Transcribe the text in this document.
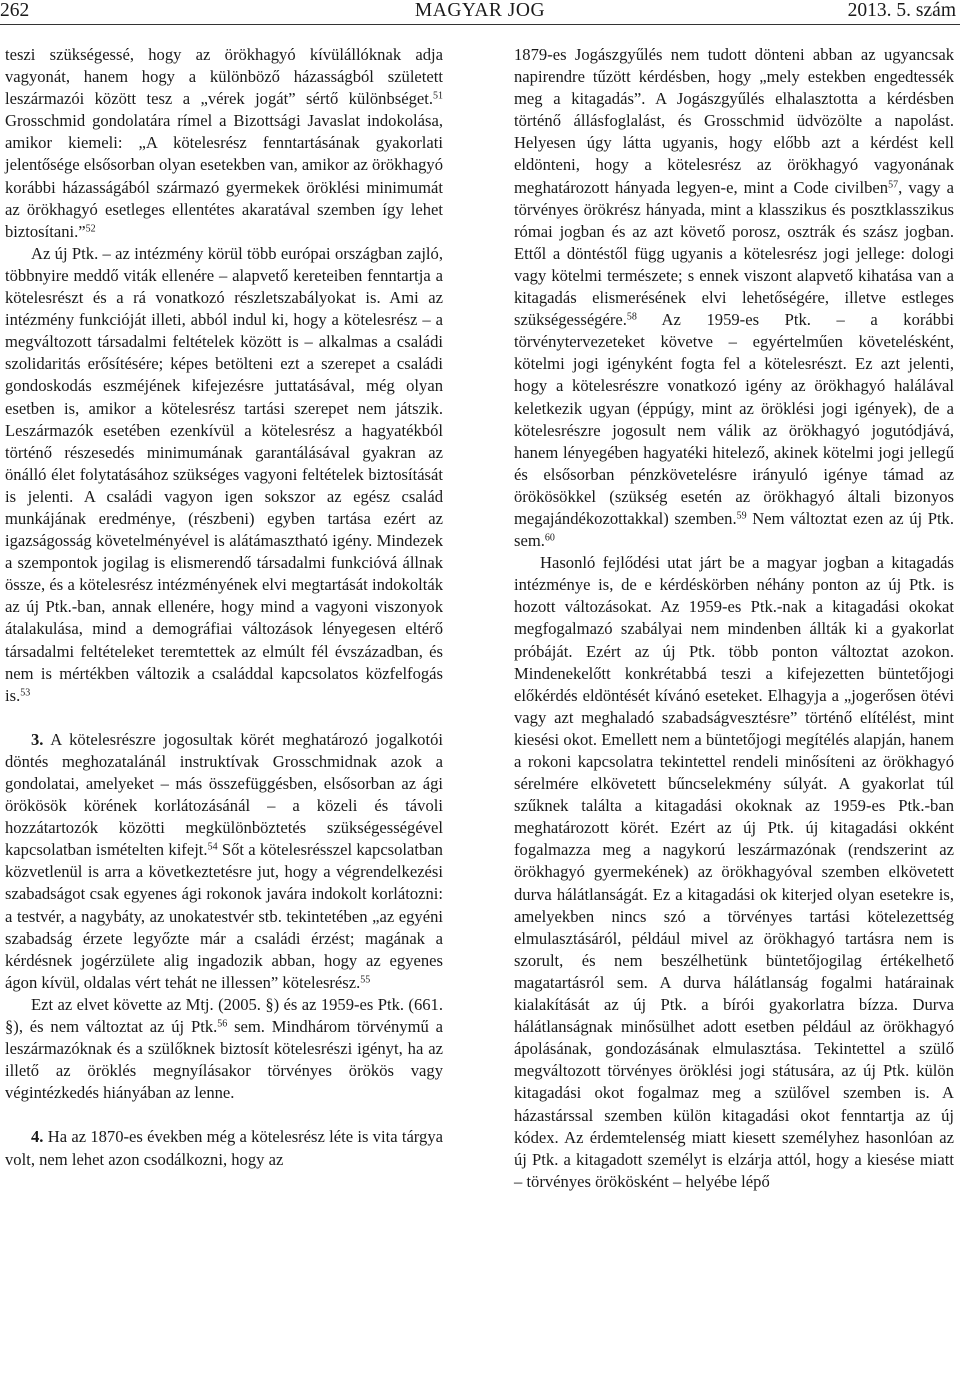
262	MAGYAR JOG	2013. 5. szám

teszi szükségessé, hogy az örökhagyó kívülállóknak adja vagyonát, hanem hogy a különböző házasságból született leszármazói között tesz a „vérek jogát” sértő különbséget.$^{51}$ Grosschmid gondolatára rímel a Bizottsági Javaslat indokolása, amikor kiemeli: „A kötelesrész fenntartásának gyakorlati jelentősége elsősorban olyan esetekben van, amikor az örökhagyó korábbi házasságából származó gyermekek öröklési minimumát az örökhagyó esetleges ellentétes akaratával szemben így lehet biztosítani.”$^{52}$

Az új Ptk. – az intézmény körül több európai országban zajló, többnyire meddő viták ellenére – alapvető kereteiben fenntartja a kötelesrészt és a rá vonatkozó részletszabályokat is. Ami az intézmény funkcióját illeti, abból indul ki, hogy a kötelesrész – a megváltozott társadalmi feltételek között is – alkalmas a családi szolidaritás erősítésére; képes betölteni ezt a szerepet a családi gondoskodás eszméjének kifejezésre juttatásával, még olyan esetben is, amikor a kötelesrész tartási szerepet nem játszik. Leszármazók esetében ezenkívül a kötelesrész a hagyatékból történő részesedés minimumának garantálásával gyakran az önálló élet folytatásához szükséges vagyoni feltételek biztosítását is jelenti. A családi vagyon igen sokszor az egész család munkájának eredménye, (részbeni) egyben tartása ezért az igazságosság követelményével is alátámasztható igény. Mindezek a szempontok jogilag is elismerendő társadalmi funkcióvá állnak össze, és a kötelesrész intézményének elvi megtartását indokolták az új Ptk.-ban, annak ellenére, hogy mind a vagyoni viszonyok átalakulása, mind a demográfiai változások lényegesen eltérő társadalmi feltételeket teremtettek az elmúlt fél évszázadban, és nem is mértékben változik a családdal kapcsolatos közfelfogás is.$^{53}$

3. A kötelesrészre jogosultak körét meghatározó jogalkotói döntés meghozatalánál instruktívak Grosschmidnak azok a gondolatai, amelyeket – más összefüggésben, elsősorban az ági örökösök körének korlátozásánál – a közeli és távoli hozzátartozók közötti megkülönböztetés szükségességével kapcsolatban ismételten kifejt.$^{54}$ Sőt a kötelesrésszel kapcsolatban közvetlenül is arra a következtetésre jut, hogy a végrendelkezési szabadságot csak egyenes ági rokonok javára indokolt korlátozni: a testvér, a nagybáty, az unokatestvér stb. tekintetében „az egyéni szabadság érzete legyőzte már a családi érzést; magának a kérdésnek jogérzülete alig ingadozik abban, hogy az egyenes ágon kívül, oldalas vért tehát ne illessen” kötelesrész.$^{55}$

Ezt az elvet követte az Mtj. (2005. §) és az 1959-es Ptk. (661. §), és nem változtat az új Ptk.$^{56}$ sem. Mindhárom törvénymű a leszármazóknak és a szülőknek biztosít kötelesrészi igényt, ha az illető az öröklés megnyílásakor törvényes örökös vagy végintézkedés hiányában az lenne.

4. Ha az 1870-es években még a kötelesrész léte is vita tárgya volt, nem lehet azon csodálkozni, hogy az

1879-es Jogászgyűlés nem tudott dönteni abban az ugyancsak napirendre tűzött kérdésben, hogy „mely estekben engedtessék meg a kitagadás”. A Jogászgyűlés elhalasztotta a kérdésben történő állásfoglalást, és Grosschmid üdvözölte a napolást. Helyesen úgy látta ugyanis, hogy előbb azt a kérdést kell eldönteni, hogy a kötelesrész az örökhagyó vagyonának meghatározott hányada legyen-e, mint a Code civilben$^{57}$, vagy a törvényes örökrész hányada, mint a klasszikus és posztklasszikus római jogban és az azt követő porosz, osztrák és szász jogban. Ettől a döntéstől függ ugyanis a kötelesrész jogi jellege: dologi vagy kötelmi természete; s ennek viszont alapvető kihatása van a kitagadás elismerésének elvi lehetőségére, illetve estleges szükségességére.$^{58}$ Az 1959-es Ptk. – a korábbi törvénytervezeteket követve – egyértelműen követelésként, kötelmi jogi igényként fogta fel a kötelesrészt. Ez azt jelenti, hogy a kötelesrészre vonatkozó igény az örökhagyó halálával keletkezik ugyan (éppúgy, mint az öröklési jogi igények), de a kötelesrészre jogosult nem válik az örökhagyó jogutódjává, hanem lényegében hagyatéki hitelező, akinek kötelmi jogi jellegű és elsősorban pénzkövetelésre irányuló igénye támad az örökösökkel (szükség esetén az örökhagyó általi bizonyos megajándékozottakkal) szemben.$^{59}$ Nem változtat ezen az új Ptk. sem.$^{60}$

Hasonló fejlődési utat járt be a magyar jogban a kitagadás intézménye is, de e kérdéskörben néhány ponton az új Ptk. is hozott változásokat. Az 1959-es Ptk.-nak a kitagadási okokat megfogalmazó szabályai nem mindenben állták ki a gyakorlat próbáját. Ezért az új Ptk. több ponton változtat azokon. Mindenekelőtt konkrétabbá teszi a kifejezetten büntetőjogi előkérdés eldöntését kívánó eseteket. Elhagyja a „jogerősen ötévi vagy azt meghaladó szabadságvesztésre” történő elítélést, mint kiesési okot. Emellett nem a büntetőjogi megítélés alapján, hanem a rokoni kapcsolatra tekintettel rendeli minősíteni az örökhagyó sérelmére elkövetett bűncselekmény súlyát. A gyakorlat túl szűknek találta a kitagadási okoknak az 1959-es Ptk.-ban meghatározott körét. Ezért az új Ptk. új kitagadási okként fogalmazza meg a nagykorú leszármazónak (rendszerint az örökhagyó gyermekének) az örökhagyóval szemben elkövetett durva hálátlanságát. Ez a kitagadási ok kiterjed olyan esetekre is, amelyekben nincs szó a törvényes tartási kötelezettség elmulasztásáról, például mivel az örökhagyó tartásra nem is szorult, és nem beszélhetünk büntetőjogilag értékelhető magatartásról sem. A durva hálátlanság fogalmi határainak kialakítását az új Ptk. a bírói gyakorlatra bízza. Durva hálátlanságnak minősülhet adott esetben például az örökhagyó ápolásának, gondozásának elmulasztása. Tekintettel a szülő megváltozott törvényes öröklési jogi státusára, az új Ptk. külön kitagadási okot fogalmaz meg a szülővel szemben is. A házastárssal szemben külön kitagadási okot fenntartja az új kódex. Az érdemtelenség miatt kiesett személyhez hasonlóan az új Ptk. a kitagadott személyt is elzárja attól, hogy a kiesése miatt – törvényes örökösként – helyébe lépő
